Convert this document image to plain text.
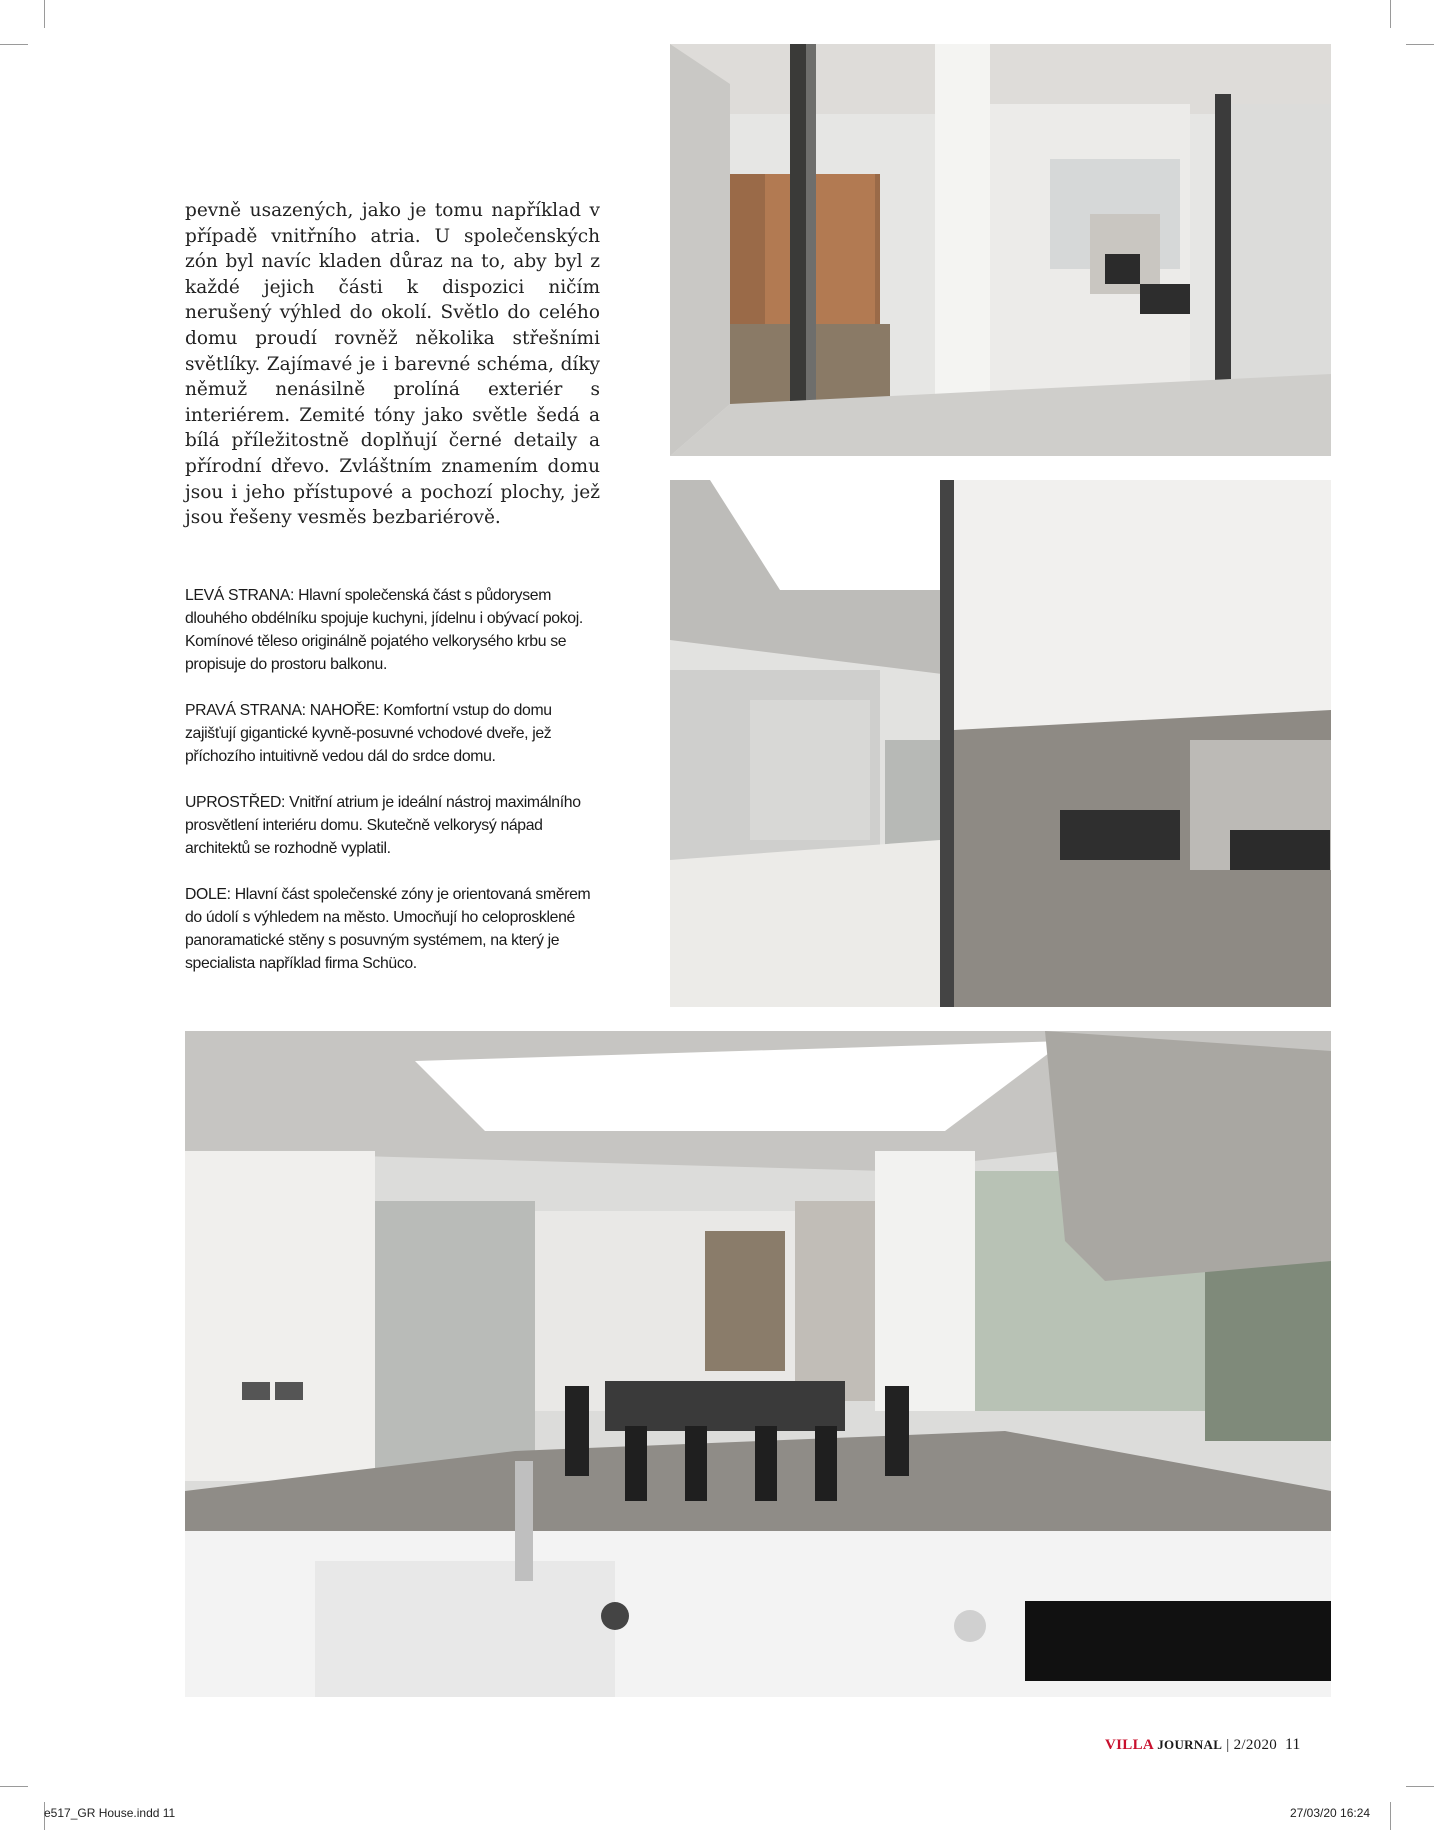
pevně usazených, jako je tomu například v případě vnitřního atria. U společenských zón byl navíc kladen důraz na to, aby byl z každé jejich části k dispozici ničím nerušený výhled do okolí. Světlo do celého domu proudí rovněž několika střešními světlíky. Zajímavé je i barevné schéma, díky němuž nenásilně prolíná exteriér s interiérem. Zemité tóny jako světle šedá a bílá příležitostně doplňují černé detaily a přírodní dřevo. Zvláštním znamením domu jsou i jeho přístupové a pochozí plochy, jež jsou řešeny vesměs bezbariérově.

LEVÁ STRANA: Hlavní společenská část s půdorysem dlouhého obdélníku spojuje kuchyni, jídelnu i obývací pokoj. Komínové těleso originálně pojatého velkorysého krbu se propisuje do prostoru balkonu.

PRAVÁ STRANA: NAHOŘE: Komfortní vstup do domu zajišťují gigantické kyvně-posuvné vchodové dveře, jež příchozího intuitivně vedou dál do srdce domu.

UPROSTŘED: Vnitřní atrium je ideální nástroj maximálního prosvětlení interiéru domu. Skutečně velkorysý nápad architektů se rozhodně vyplatil.

DOLE: Hlavní část společenské zóny je orientovaná směrem do údolí s výhledem na město. Umocňují ho celoprosklené panoramatické stěny s posuvným systémem, na který je specialista například firma Schüco.

VILLA JOURNAL | 2/2020 11
e517_GR House.indd 11	27/03/20 16:24
